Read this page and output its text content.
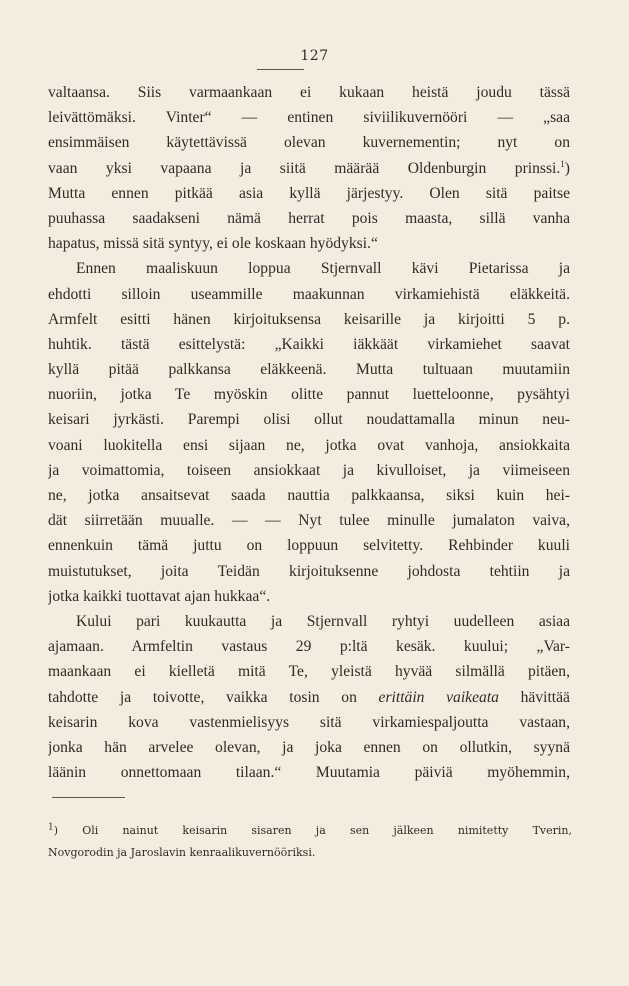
127
valtaansa. Siis varmaankaan ei kukaan heistä joudu tässä
leivättömäksi. Vinter“ — entinen siviilikuvernööri — „saa
ensimmäisen käytettävissä olevan kuvernementin; nyt on
vaan yksi vapaana ja siitä määrää Oldenburgin prinssi.$^1$)
Mutta ennen pitkää asia kyllä järjestyy. Olen sitä paitse
puuhassa saadakseni nämä herrat pois maasta, sillä vanha
hapatus, missä sitä syntyy, ei ole koskaan hyödyksi.“
Ennen maaliskuun loppua Stjernvall kävi Pietarissa ja
ehdotti silloin useammille maakunnan virkamiehistä eläkkeitä.
Armfelt esitti hänen kirjoituksensa keisarille ja kirjoitti 5 p.
huhtik. tästä esittelystä: „Kaikki iäkkäät virkamiehet saavat
kyllä pitää palkkansa eläkkeenä. Mutta tultuaan muutamiin
nuoriin, jotka Te myöskin olitte pannut luetteloonne, pysähtyi
keisari jyrkästi. Parempi olisi ollut noudattamalla minun neu-
voani luokitella ensi sijaan ne, jotka ovat vanhoja, ansiokkaita
ja voimattomia, toiseen ansiokkaat ja kivulloiset, ja viimeiseen
ne, jotka ansaitsevat saada nauttia palkkaansa, siksi kuin hei-
dät siirretään muualle. — — Nyt tulee minulle jumalaton vaiva,
ennenkuin tämä juttu on loppuun selvitetty. Rehbinder kuuli
muistutukset, joita Teidän kirjoituksenne johdosta tehtiin ja
jotka kaikki tuottavat ajan hukkaa“.
Kului pari kuukautta ja Stjernvall ryhtyi uudelleen asiaa
ajamaan. Armfeltin vastaus 29 p:ltä kesäk. kuului; „Var-
maankaan ei kielletä mitä Te, yleistä hyvää silmällä pitäen,
tahdotte ja toivotte, vaikka tosin on erittäin vaikeata hävittää
keisarin kova vastenmielisyys sitä virkamiespaljoutta vastaan,
jonka hän arvelee olevan, ja joka ennen on ollutkin, syynä
läänin onnettomaan tilaan.“ Muutamia päiviä myöhemmin,
$^1$) Oli nainut keisarin sisaren ja sen jälkeen nimitetty Tverin,
Novgorodin ja Jaroslavin kenraalikuvernööriksi.
